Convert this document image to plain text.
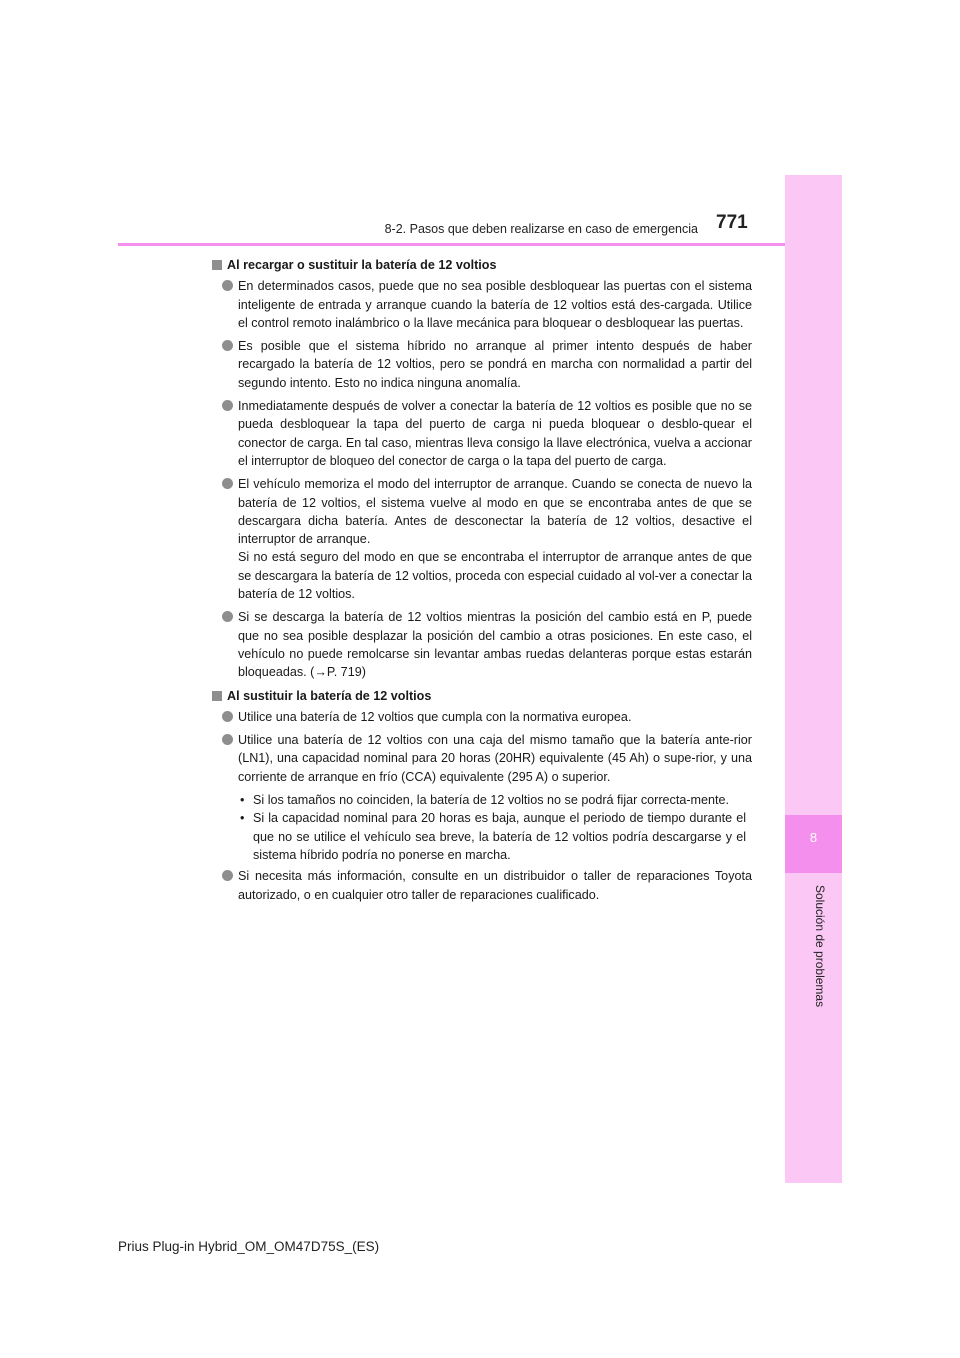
8
Solución de problemas
8-2. Pasos que deben realizarse en caso de emergencia 771
Al recargar o sustituir la batería de 12 voltios
En determinados casos, puede que no sea posible desbloquear las puertas con el sistema inteligente de entrada y arranque cuando la batería de 12 voltios está des-cargada. Utilice el control remoto inalámbrico o la llave mecánica para bloquear o desbloquear las puertas.
Es posible que el sistema híbrido no arranque al primer intento después de haber recargado la batería de 12 voltios, pero se pondrá en marcha con normalidad a partir del segundo intento. Esto no indica ninguna anomalía.
Inmediatamente después de volver a conectar la batería de 12 voltios es posible que no se pueda desbloquear la tapa del puerto de carga ni pueda bloquear o desblo-quear el conector de carga. En tal caso, mientras lleva consigo la llave electrónica, vuelva a accionar el interruptor de bloqueo del conector de carga o la tapa del puerto de carga.
El vehículo memoriza el modo del interruptor de arranque. Cuando se conecta de nuevo la batería de 12 voltios, el sistema vuelve al modo en que se encontraba antes de que se descargara dicha batería. Antes de desconectar la batería de 12 voltios, desactive el interruptor de arranque.
Si no está seguro del modo en que se encontraba el interruptor de arranque antes de que se descargara la batería de 12 voltios, proceda con especial cuidado al vol-ver a conectar la batería de 12 voltios.
Si se descarga la batería de 12 voltios mientras la posición del cambio está en P, puede que no sea posible desplazar la posición del cambio a otras posiciones. En este caso, el vehículo no puede remolcarse sin levantar ambas ruedas delanteras porque estas estarán bloqueadas. (→P. 719)
Al sustituir la batería de 12 voltios
Utilice una batería de 12 voltios que cumpla con la normativa europea.
Utilice una batería de 12 voltios con una caja del mismo tamaño que la batería ante-rior (LN1), una capacidad nominal para 20 horas (20HR) equivalente (45 Ah) o supe-rior, y una corriente de arranque en frío (CCA) equivalente (295 A) o superior.
• Si los tamaños no coinciden, la batería de 12 voltios no se podrá fijar correcta-mente.
• Si la capacidad nominal para 20 horas es baja, aunque el periodo de tiempo durante el que no se utilice el vehículo sea breve, la batería de 12 voltios podría descargarse y el sistema híbrido podría no ponerse en marcha.
Si necesita más información, consulte en un distribuidor o taller de reparaciones Toyota autorizado, o en cualquier otro taller de reparaciones cualificado.
Prius Plug-in Hybrid_OM_OM47D75S_(ES)
